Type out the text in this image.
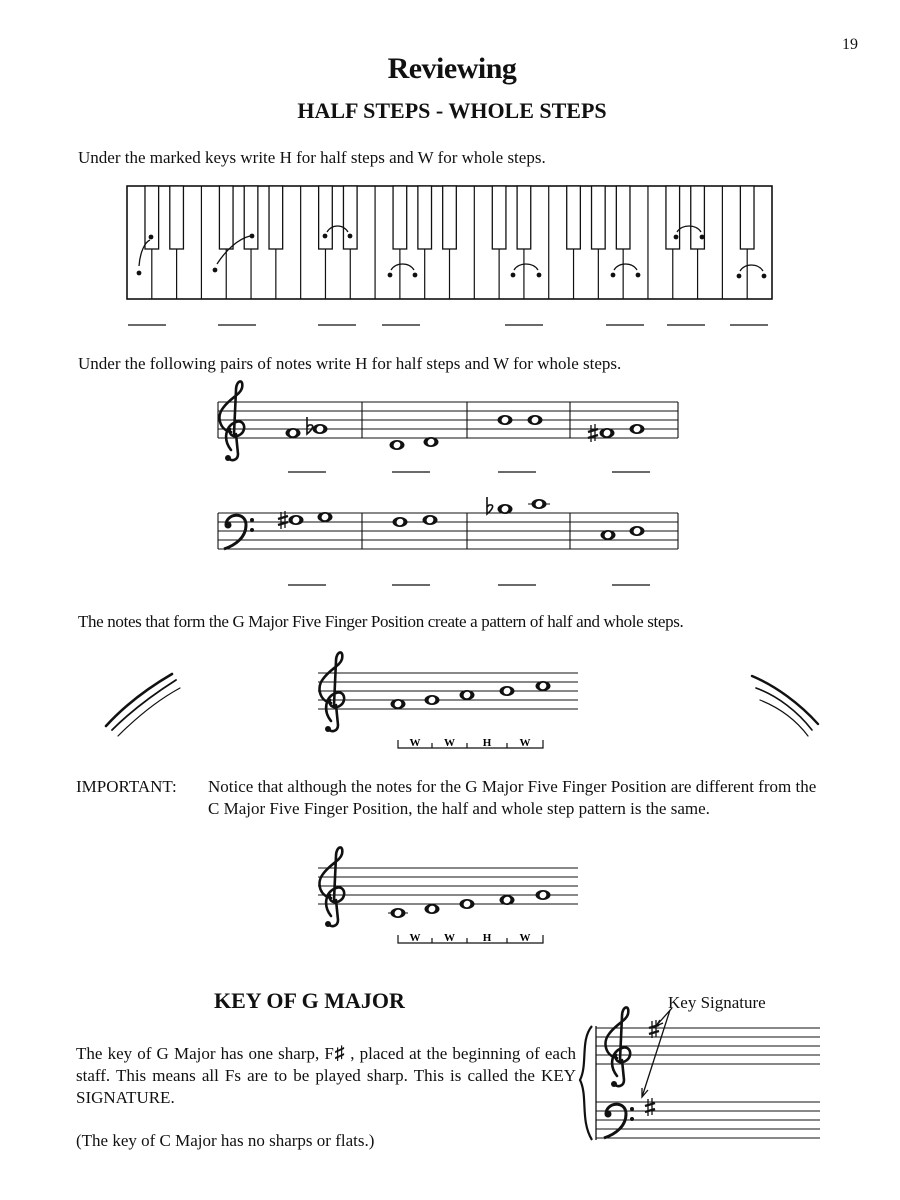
19
Reviewing
HALF STEPS - WHOLE STEPS
Under the marked keys write H for half steps and W for whole steps.
Under the following pairs of notes write H for half steps and W for whole steps.
The notes that form the G Major Five Finger Position create a pattern of half and whole steps.
W W	H	W
W W	H	W
IMPORTANT: Notice that although the notes for the G Major Five Finger Position are different from the C Major Five Finger Position, the half and whole step pattern is the same.
KEY OF G MAJOR	Key Signature

The key of G Major has one sharp, F♯ , placed at the beginning of each staff. This means all Fs are to be played sharp. This is called the KEY SIGNATURE.

(The key of C Major has no sharps or flats.)
